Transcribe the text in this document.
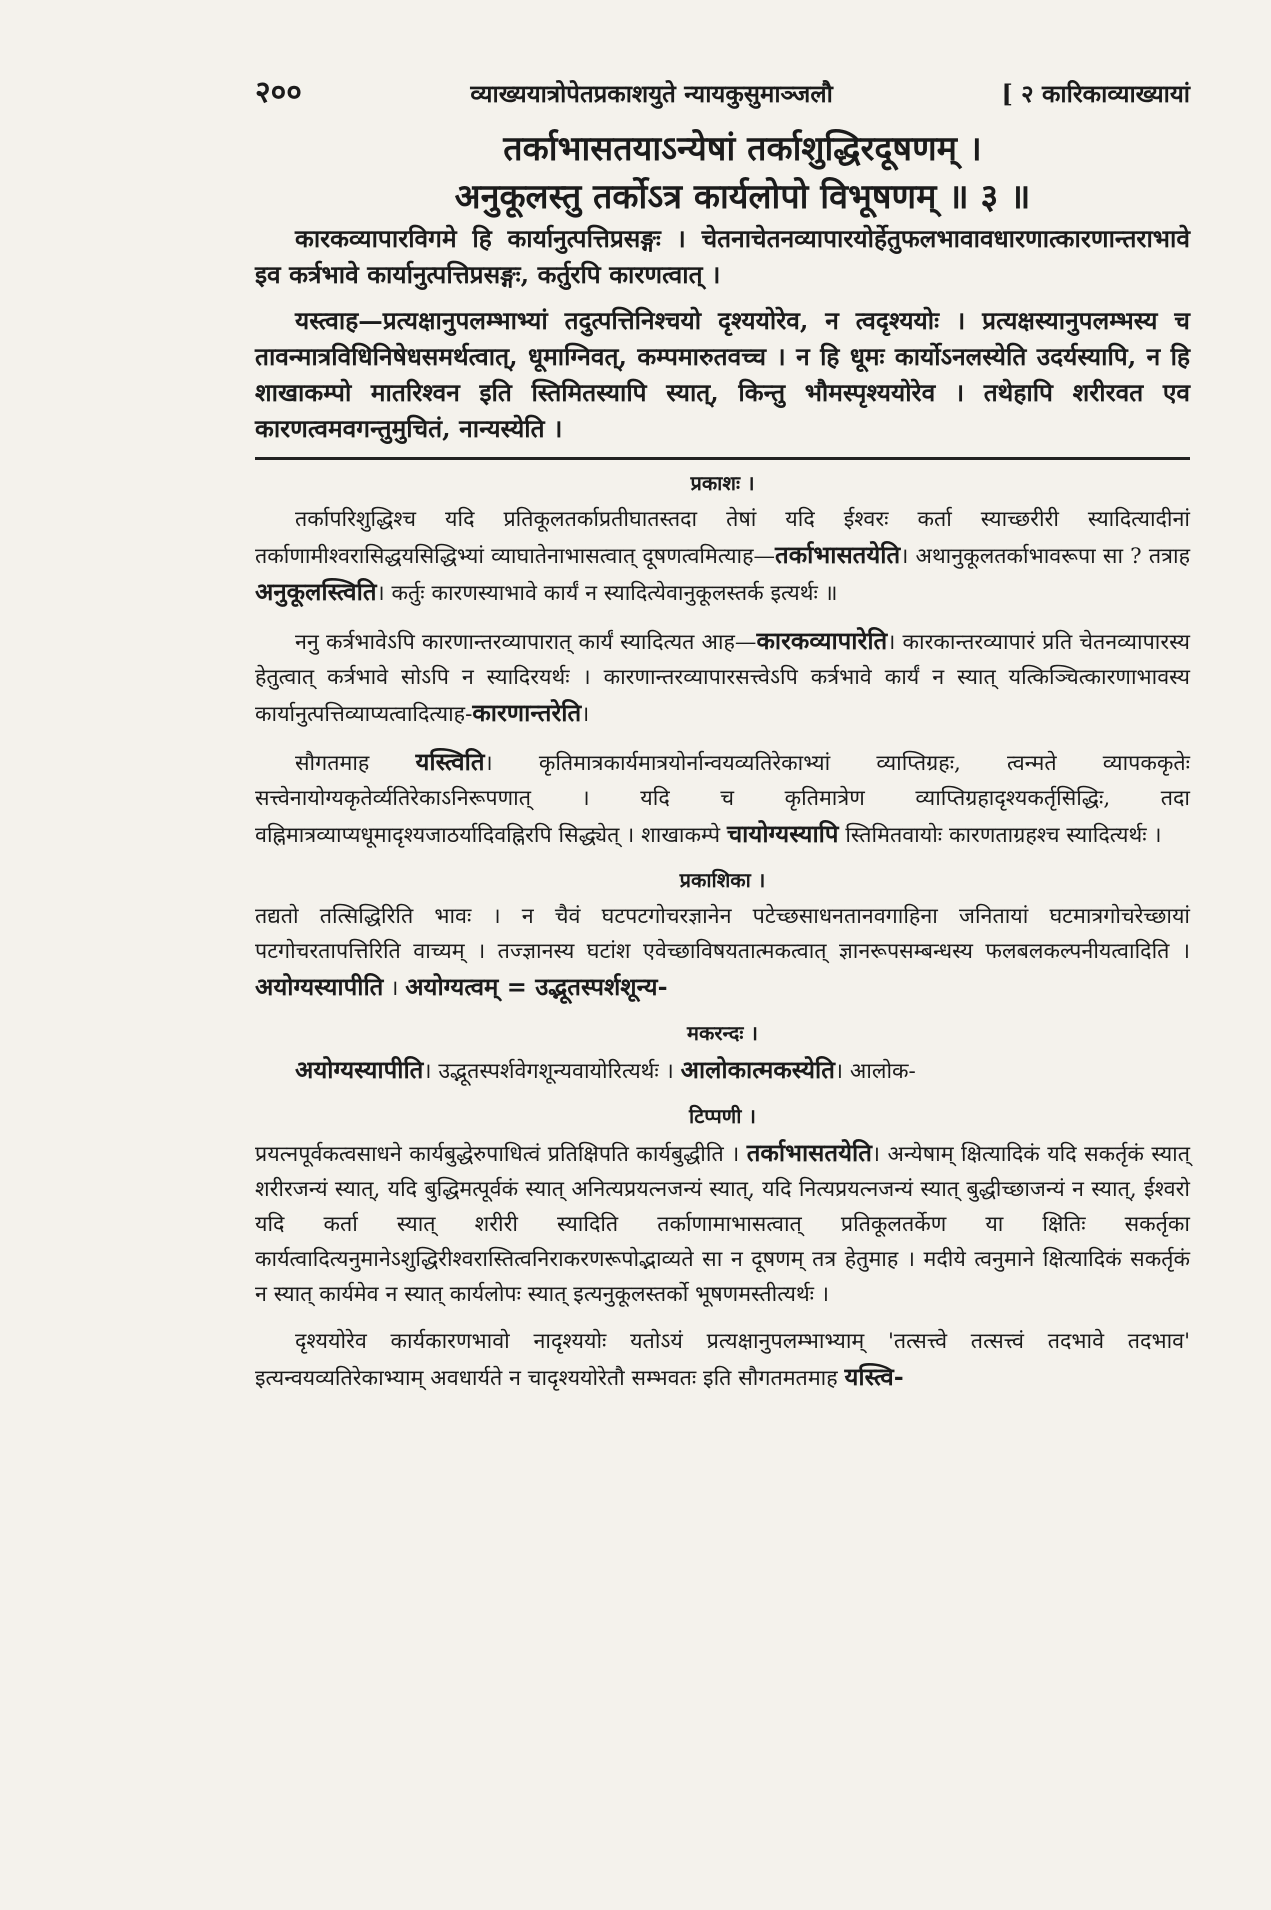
२००	व्याख्ययात्रोपेतप्रकाशयुते न्यायकुसुमाञ्जलौ	[ २ कारिकाव्याख्यायां
तर्काभासतयाऽन्येषां तर्काशुद्धिरदूषणम् ।
अनुकूलस्तु तर्कोऽत्र कार्यलोपो विभूषणम् ॥ ३ ॥

कारकव्यापारविगमे हि कार्यानुत्पत्तिप्रसङ्गः । चेतनाचेतनव्यापारयोर्हेतुफलभावावधारणात्कारणान्तराभावे इव कर्त्रभावे कार्यानुत्पत्तिप्रसङ्गः, कर्तुरपि कारणत्वात् ।

यस्त्वाह—प्रत्यक्षानुपलम्भाभ्यां तदुत्पत्तिनिश्चयो दृश्ययोरेव, न त्वदृश्ययोः । प्रत्यक्षस्यानुपलम्भस्य च तावन्मात्रविधिनिषेधसमर्थत्वात्, धूमाग्निवत्, कम्पमारुतवच्च । न हि धूमः कार्योऽनलस्येति उदर्यस्यापि, न हि शाखाकम्पो मातरिश्वन इति स्तिमितस्यापि स्यात्, किन्तु भौमस्पृश्ययोरेव । तथेहापि शरीरवत एव कारणत्वमवगन्तुमुचितं, नान्यस्येति ।

प्रकाशः ।

तर्कापरिशुद्धिश्च यदि प्रतिकूलतर्काप्रतीघातस्तदा तेषां यदि ईश्वरः कर्ता स्याच्छरीरी स्यादित्यादीनां तर्काणामीश्वरासिद्धयसिद्धिभ्यां व्याघातेनाभासत्वात् दूषणत्वमित्याह—तर्काभासतयेति। अथानुकूलतर्काभावरूपा सा ? तत्राह अनुकूलस्त्विति। कर्तुः कारणस्याभावे कार्यं न स्यादित्येवानुकूलस्तर्क इत्यर्थः ॥

ननु कर्त्रभावेऽपि कारणान्तरव्यापारात् कार्यं स्यादित्यत आह—कारकव्यापारेति। कारकान्तरव्यापारं प्रति चेतनव्यापारस्य हेतुत्वात् कर्त्रभावे सोऽपि न स्यादिरयर्थः । कारणान्तरव्यापारसत्त्वेऽपि कर्त्रभावे कार्यं न स्यात् यत्किञ्चित्कारणाभावस्य कार्यानुत्पत्तिव्याप्यत्वादित्याह-कारणान्तरेति।

सौगतमाह यस्त्विति। कृतिमात्रकार्यमात्रयोर्नान्वयव्यतिरेकाभ्यां व्याप्तिग्रहः, त्वन्मते व्यापककृतेः सत्त्वेनायोग्यकृतेर्व्यतिरेकाऽनिरूपणात् । यदि च कृतिमात्रेण व्याप्तिग्रहादृश्यकर्तृसिद्धिः, तदा वह्निमात्रव्याप्यधूमादृश्यजाठर्यादिवह्निरपि सिद्ध्येत् । शाखाकम्पे चायोग्यस्यापि स्तिमितवायोः कारणताग्रहश्च स्यादित्यर्थः ।

प्रकाशिका ।

तद्यतो तत्सिद्धिरिति भावः । न चैवं घटपटगोचरज्ञानेन पटेच्छसाधनतानवगाहिना जनितायां घटमात्रगोचरेच्छायां पटगोचरतापत्तिरिति वाच्यम् । तज्ज्ञानस्य घटांश एवेच्छाविषयतात्मकत्वात् ज्ञानरूपसम्बन्धस्य फलबलकल्पनीयत्वादिति । अयोग्यस्यापीति । अयोग्यत्वम् = उद्भूतस्पर्शशून्य-

मकरन्दः ।

अयोग्यस्यापीति। उद्भूतस्पर्शवेगशून्यवायोरित्यर्थः । आलोकात्मकस्येति। आलोक-

टिप्पणी ।

प्रयत्नपूर्वकत्वसाधने कार्यबुद्धेरुपाधित्वं प्रतिक्षिपति कार्यबुद्धीति । तर्काभासतयेति। अन्येषाम् क्षित्यादिकं यदि सकर्तृकं स्यात् शरीरजन्यं स्यात्, यदि बुद्धिमत्पूर्वकं स्यात् अनित्यप्रयत्नजन्यं स्यात्, यदि नित्यप्रयत्नजन्यं स्यात् बुद्धीच्छाजन्यं न स्यात्, ईश्वरो यदि कर्ता स्यात् शरीरी स्यादिति तर्काणामाभासत्वात् प्रतिकूलतर्केण या क्षितिः सकर्तृका कार्यत्वादित्यनुमानेऽशुद्धिरीश्वरास्तित्वनिराकरणरूपोद्भाव्यते सा न दूषणम् तत्र हेतुमाह । मदीये त्वनुमाने क्षित्यादिकं सकर्तृकं न स्यात् कार्यमेव न स्यात् कार्यलोपः स्यात् इत्यनुकूलस्तर्को भूषणमस्तीत्यर्थः ।

दृश्ययोरेव कार्यकारणभावो नादृश्ययोः यतोऽयं प्रत्यक्षानुपलम्भाभ्याम् 'तत्सत्त्वे तत्सत्त्वं तदभावे तदभाव' इत्यन्वयव्यतिरेकाभ्याम् अवधार्यते न चादृश्ययोरेतौ सम्भवतः इति सौगतमतमाह यस्त्वि-
